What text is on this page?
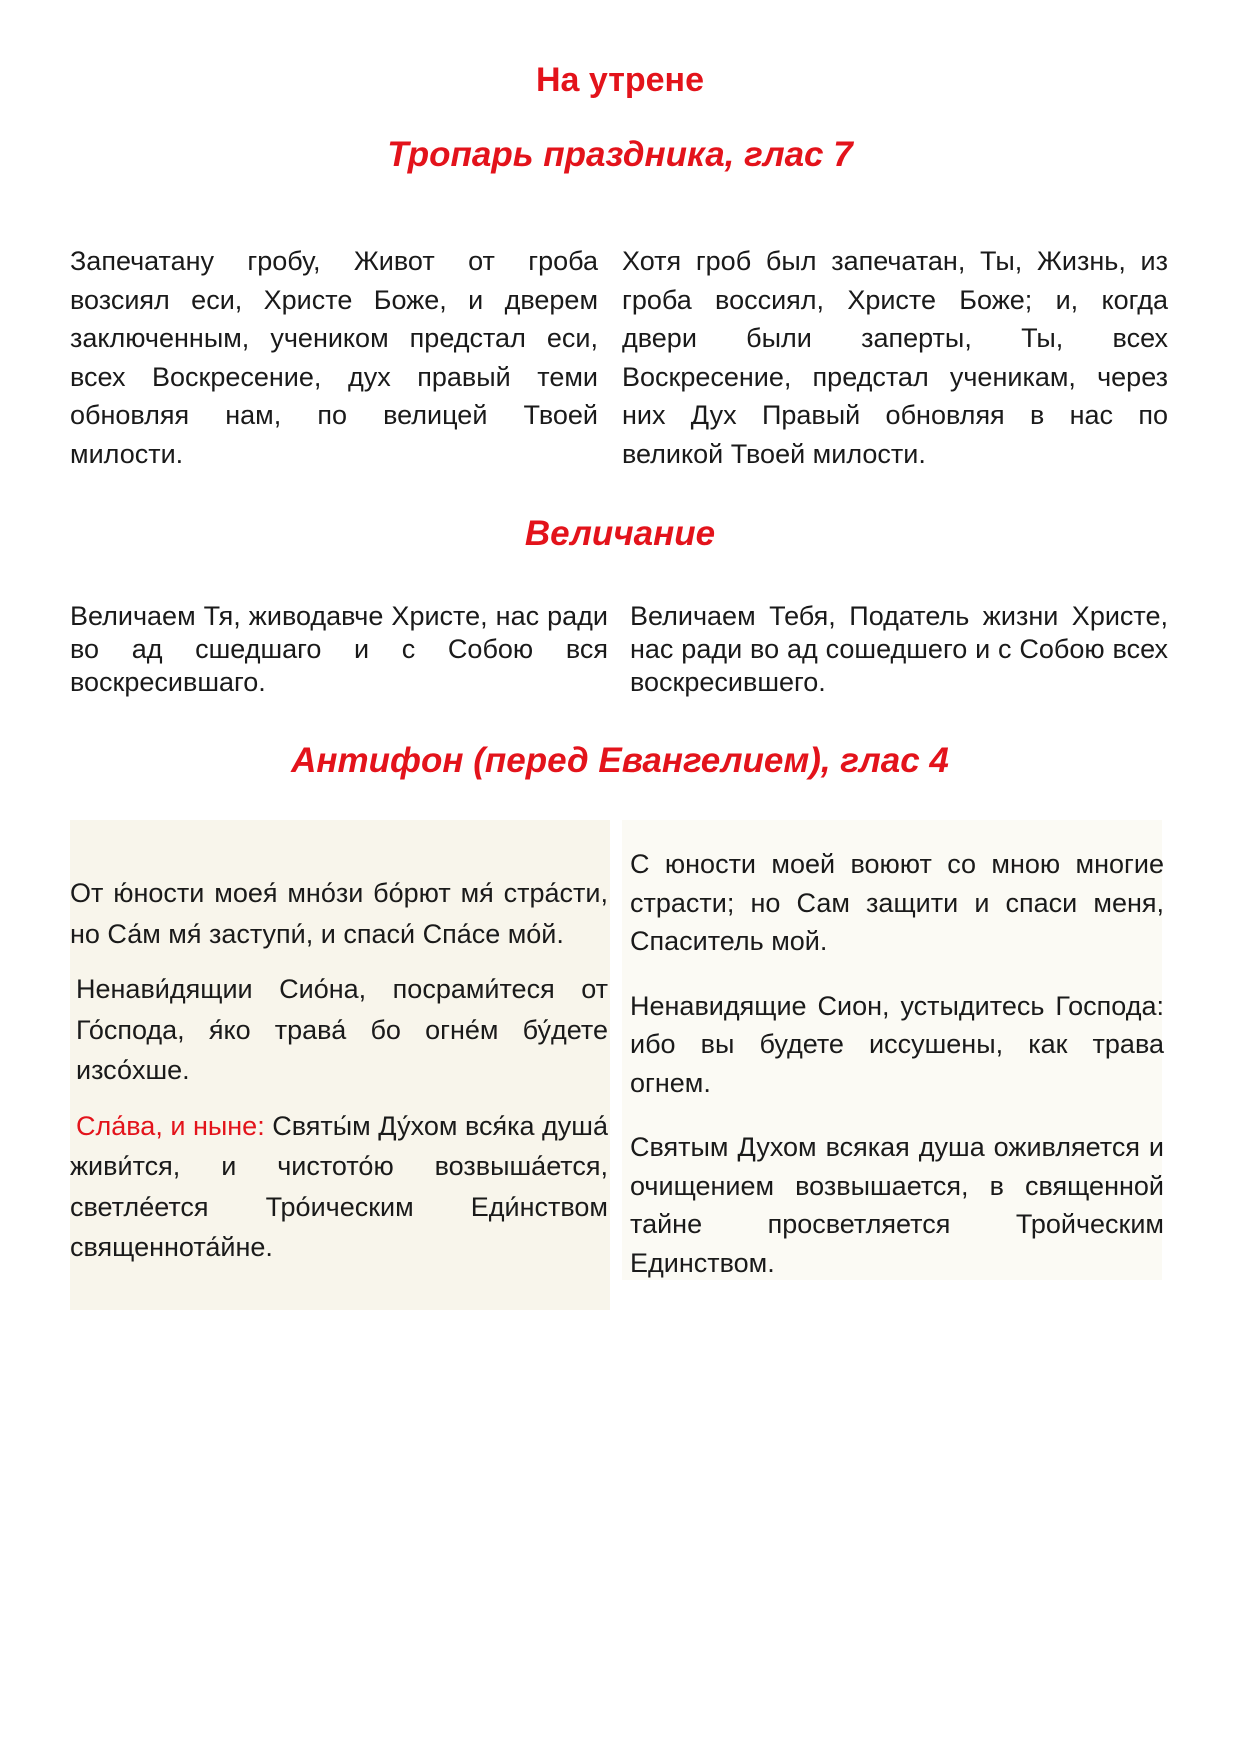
На утрене
Тропарь праздника, глас 7

Запечатану гробу, Живот от гроба возсиял еси, Христе Боже, и дверем заключенным, учеником предстал еси, всех Воскресение, дух правый теми обновляя нам, по велицей Твоей милости.

Хотя гроб был запечатан, Ты, Жизнь, из гроба воссиял, Христе Боже; и, когда двери были заперты, Ты, всех Воскресение, предстал ученикам, через них Дух Правый обновляя в нас по великой Твоей милости.

Величание

Величаем Тя, живодавче Христе, нас ради во ад сшедшаго и с Собою вся воскресившаго.

Величаем Тебя, Податель жизни Христе, нас ради во ад сошедшего и с Собою всех воскресившего.

Антифон (перед Евангелием), глас 4

От ю́ности моея́ мно́зи бо́рют мя́ стра́сти, но Са́м мя́ заступи́, и спаси́ Спа́се мо́й.

Ненави́дящии Сио́на, посрами́теся от Го́спода, я́ко трава́ бо огне́м бу́дете изсо́хше.

Сла́ва, и ныне: Святы́м Ду́хом вся́ка душа́ живи́тся, и чистото́ю возвыша́ется, светле́ется Тро́ическим Еди́нством священнота́йне.

С юности моей воюют со мною многие страсти; но Сам защити и спаси меня, Спаситель мой.

Ненавидящие Сион, устыдитесь Господа: ибо вы будете иссушены, как трава огнем.

Святым Духом всякая душа оживляется и очищением возвышается, в священной тайне просветляется Тройческим Единством.
